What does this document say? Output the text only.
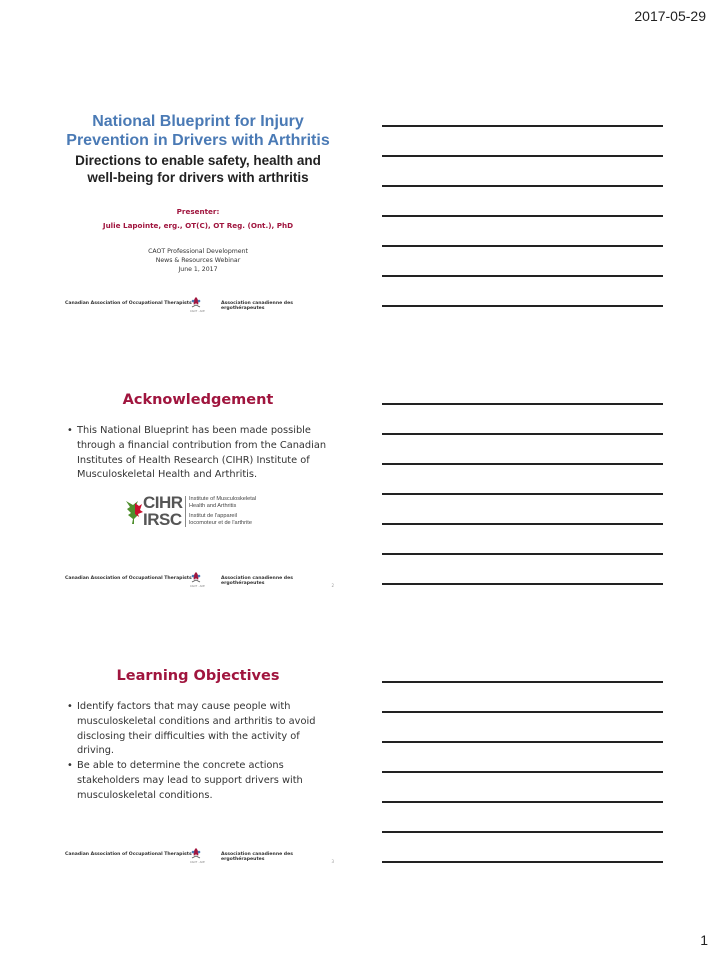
2017-05-29

National Blueprint for Injury Prevention in Drivers with Arthritis

Directions to enable safety, health and well-being for drivers with arthritis

Presenter:
Julie Lapointe, erg., OT(C), OT Reg. (Ont.), PhD
CAOT Professional Development
News & Resources Webinar
June 1, 2017
Canadian Association of Occupational Therapists
CAOT · ACE
Association canadienne des ergothérapeutes

Acknowledgement

• This National Blueprint has been made possible through a financial contribution from the Canadian Institutes of Health Research (CIHR) Institute of Musculoskeletal Health and Arthritis.
CIHR
IRSC
Institute of Musculoskeletal
Health and Arthritis
Institut de l'appareil
locomoteur et de l'arthrite
Canadian Association of Occupational Therapists
CAOT · ACE
Association canadienne des ergothérapeutes	2

Learning Objectives

• Identify factors that may cause people with musculoskeletal conditions and arthritis to avoid disclosing their difficulties with the activity of driving.
• Be able to determine the concrete actions stakeholders may lead to support drivers with musculoskeletal conditions.
Canadian Association of Occupational Therapists
CAOT · ACE
Association canadienne des ergothérapeutes	3
1
